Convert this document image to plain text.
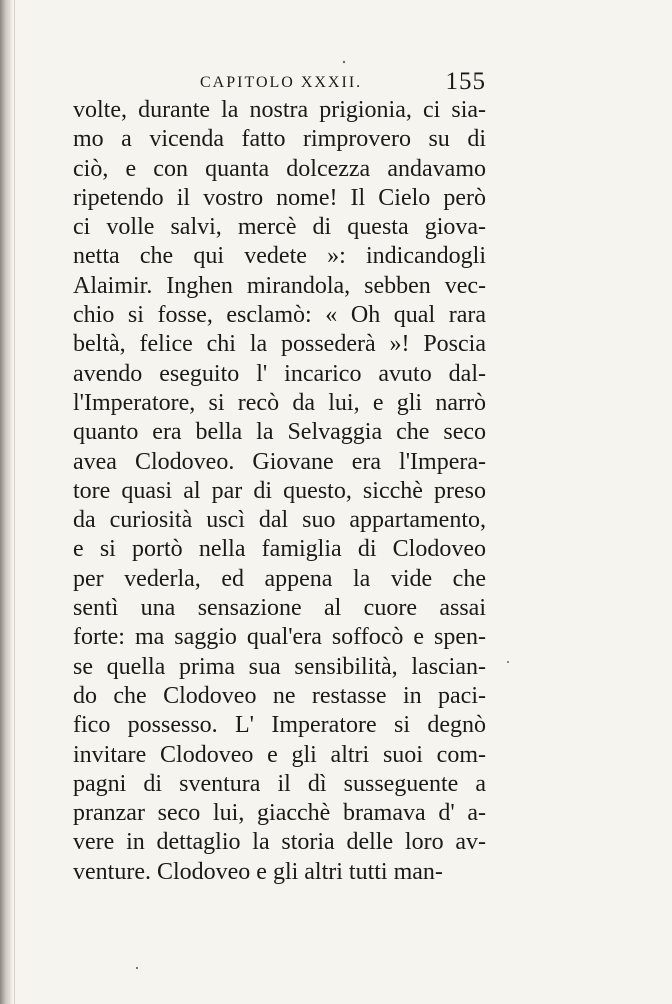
CAPITOLO XXXII.	155
volte, durante la nostra prigionia, ci sia-
mo a vicenda fatto rimprovero su di
ciò, e con quanta dolcezza andavamo
ripetendo il vostro nome! Il Cielo però
ci volle salvi, mercè di questa giova-
netta che qui vedete »: indicandogli
Alaimir. Inghen mirandola, sebben vec-
chio si fosse, esclamò: « Oh qual rara
beltà, felice chi la possederà »! Poscia
avendo eseguito l' incarico avuto dal-
l'Imperatore, si recò da lui, e gli narrò
quanto era bella la Selvaggia che seco
avea Clodoveo. Giovane era l'Impera-
tore quasi al par di questo, sicchè preso
da curiosità uscì dal suo appartamento,
e si portò nella famiglia di Clodoveo
per vederla, ed appena la vide che
sentì una sensazione al cuore assai
forte: ma saggio qual'era soffocò e spen-
se quella prima sua sensibilità, lascian-
do che Clodoveo ne restasse in paci-
fico possesso. L' Imperatore si degnò
invitare Clodoveo e gli altri suoi com-
pagni di sventura il dì susseguente a
pranzar seco lui, giacchè bramava d' a-
vere in dettaglio la storia delle loro av-
venture. Clodoveo e gli altri tutti man-
